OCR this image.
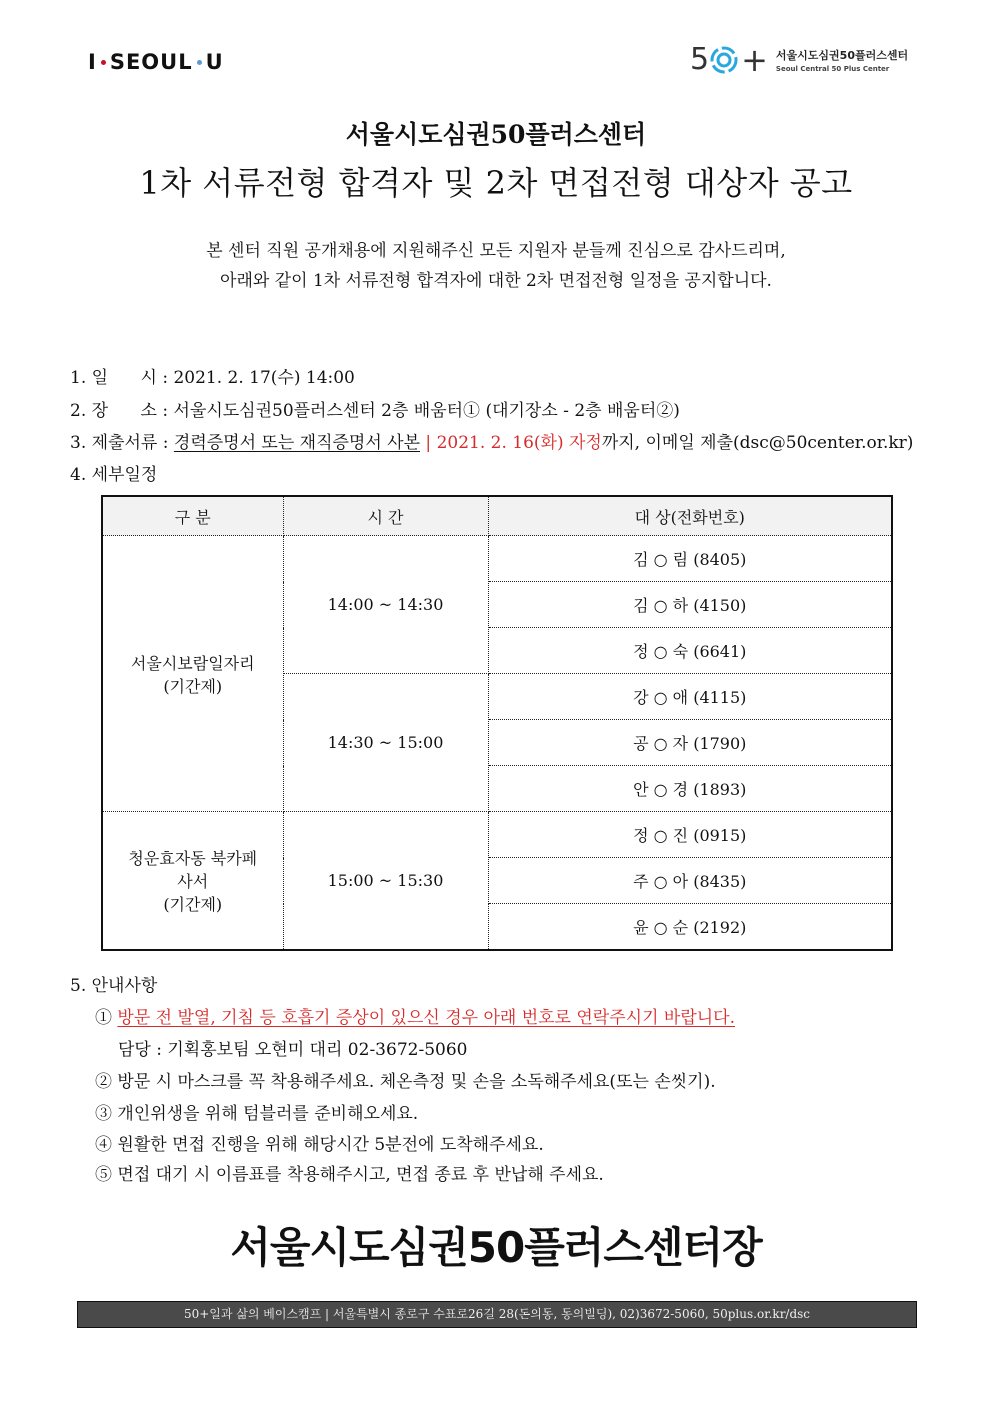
I SEOUL U	5 + 서울시도심권50플러스센터
Seoul Central 50 Plus Center
서울시도심권50플러스센터
1차 서류전형 합격자 및 2차 면접전형 대상자 공고
본 센터 직원 공개채용에 지원해주신 모든 지원자 분들께 진심으로 감사드리며,
아래와 같이 1차 서류전형 합격자에 대한 2차 면접전형 일정을 공지합니다.
1. 일      시 : 2021. 2. 17(수) 14:00
2. 장      소 : 서울시도심권50플러스센터 2층 배움터① (대기장소 - 2층 배움터②)
3. 제출서류 : 경력증명서 또는 재직증명서 사본 | 2021. 2. 16(화) 자정까지, 이메일 제출(dsc@50center.or.kr)
4. 세부일정
구 분	시 간	대 상(전화번호)

서울시보람일자리
(기간제)	14:00 ~ 14:30	김 ○ 림 (8405)
		김 ○ 하 (4150)
		정 ○ 숙 (6641)
	14:30 ~ 15:00	강 ○ 애 (4115)
		공 ○ 자 (1790)
		안 ○ 경 (1893)

청운효자동 북카페
사서
(기간제)	15:00 ~ 15:30	정 ○ 진 (0915)
		주 ○ 아 (8435)
		윤 ○ 순 (2192)
5. 안내사항
① 방문 전 발열, 기침 등 호흡기 증상이 있으신 경우 아래 번호로 연락주시기 바랍니다.
담당 : 기획홍보팀 오현미 대리 02-3672-5060
② 방문 시 마스크를 꼭 착용해주세요. 체온측정 및 손을 소독해주세요(또는 손씻기).
③ 개인위생을 위해 텀블러를 준비해오세요.
④ 원활한 면접 진행을 위해 해당시간 5분전에 도착해주세요.
⑤ 면접 대기 시 이름표를 착용해주시고, 면접 종료 후 반납해 주세요.
서울시도심권50플러스센터장
50+일과 삶의 베이스캠프 | 서울특별시 종로구 수표로26길 28(돈의동, 동의빌딩), 02)3672-5060, 50plus.or.kr/dsc
